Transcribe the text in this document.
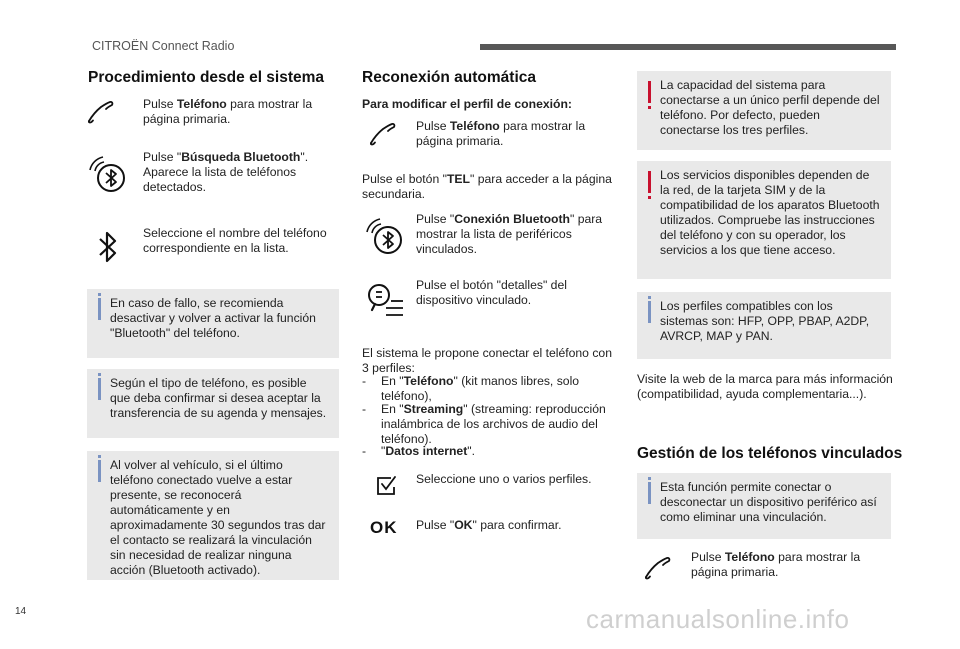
CITROËN Connect Radio
Procedimiento desde el sistema
Pulse Teléfono para mostrar la página primaria.
Pulse "Búsqueda Bluetooth". Aparece la lista de teléfonos detectados.
Seleccione el nombre del teléfono correspondiente en la lista.
En caso de fallo, se recomienda desactivar y volver a activar la función "Bluetooth" del teléfono.
Según el tipo de teléfono, es posible que deba confirmar si desea aceptar la transferencia de su agenda y mensajes.
Al volver al vehículo, si el último teléfono conectado vuelve a estar presente, se reconocerá automáticamente y en aproximadamente 30 segundos tras dar el contacto se realizará la vinculación sin necesidad de realizar ninguna acción (Bluetooth activado).
Reconexión automática
Para modificar el perfil de conexión:
Pulse Teléfono para mostrar la página primaria.
Pulse el botón "TEL" para acceder a la página secundaria.
Pulse "Conexión Bluetooth" para mostrar la lista de periféricos vinculados.
Pulse el botón "detalles" del dispositivo vinculado.
El sistema le propone conectar el teléfono con 3 perfiles:
-	En "Teléfono" (kit manos libres, solo teléfono),
-	En "Streaming" (streaming: reproducción inalámbrica de los archivos de audio del teléfono).
-	"Datos internet".
Seleccione uno o varios perfiles.
OK Pulse "OK" para confirmar.
La capacidad del sistema para conectarse a un único perfil depende del teléfono. Por defecto, pueden conectarse los tres perfiles.
Los servicios disponibles dependen de la red, de la tarjeta SIM y de la compatibilidad de los aparatos Bluetooth utilizados. Compruebe las instrucciones del teléfono y con su operador, los servicios a los que tiene acceso.
Los perfiles compatibles con los sistemas son: HFP, OPP, PBAP, A2DP, AVRCP, MAP y PAN.
Visite la web de la marca para más información (compatibilidad, ayuda complementaria...).
Gestión de los teléfonos vinculados
Esta función permite conectar o desconectar un dispositivo periférico así como eliminar una vinculación.
Pulse Teléfono para mostrar la página primaria.
14	carmanualsonline.info
